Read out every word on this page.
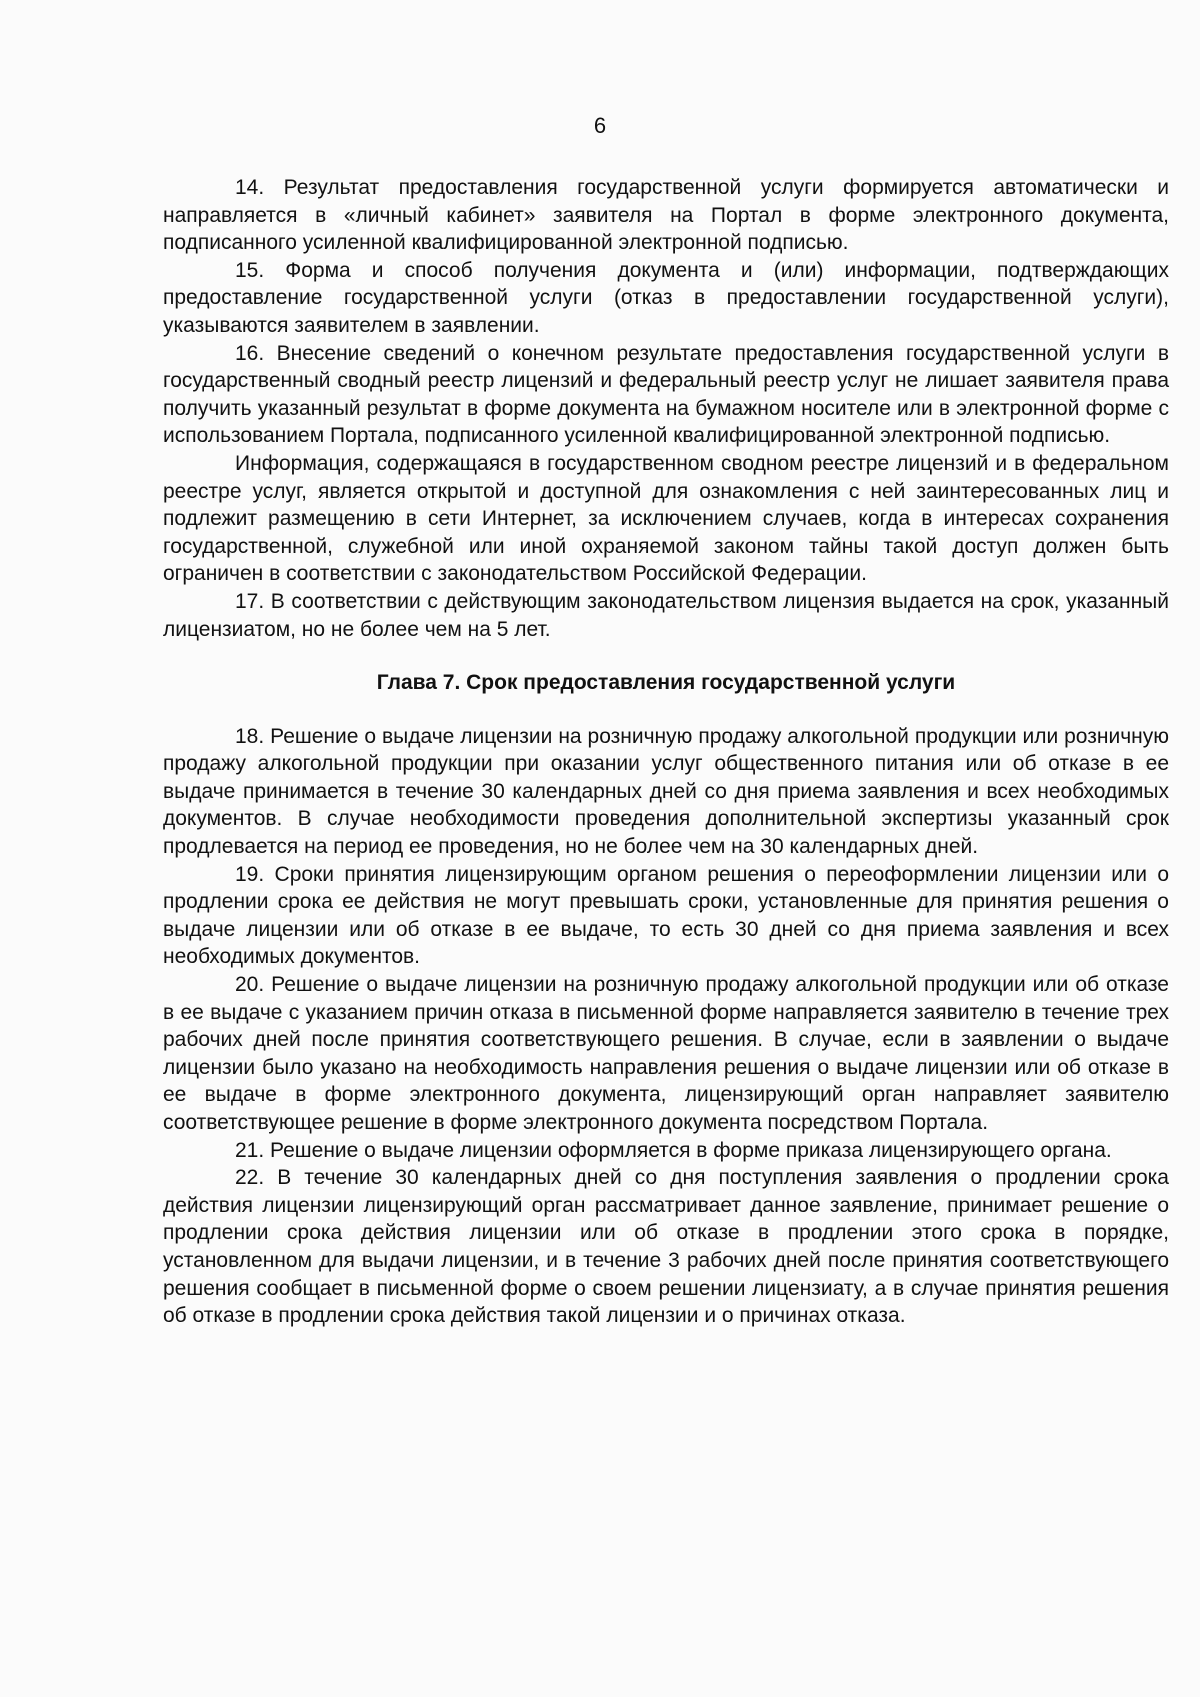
6

14. Результат предоставления государственной услуги формируется автоматически и направляется в «личный кабинет» заявителя на Портал в форме электронного документа, подписанного усиленной квалифицированной электронной подписью.

15. Форма и способ получения документа и (или) информации, подтверждающих предоставление государственной услуги (отказ в предоставлении государственной услуги), указываются заявителем в заявлении.

16. Внесение сведений о конечном результате предоставления государственной услуги в государственный сводный реестр лицензий и федеральный реестр услуг не лишает заявителя права получить указанный результат в форме документа на бумажном носителе или в электронной форме с использованием Портала, подписанного усиленной квалифицированной электронной подписью.

Информация, содержащаяся в государственном сводном реестре лицензий и в федеральном реестре услуг, является открытой и доступной для ознакомления с ней заинтересованных лиц и подлежит размещению в сети Интернет, за исключением случаев, когда в интересах сохранения государственной, служебной или иной охраняемой законом тайны такой доступ должен быть ограничен в соответствии с законодательством Российской Федерации.

17. В соответствии с действующим законодательством лицензия выдается на срок, указанный лицензиатом, но не более чем на 5 лет.

Глава 7. Срок предоставления государственной услуги

18. Решение о выдаче лицензии на розничную продажу алкогольной продукции или розничную продажу алкогольной продукции при оказании услуг общественного питания или об отказе в ее выдаче принимается в течение 30 календарных дней со дня приема заявления и всех необходимых документов. В случае необходимости проведения дополнительной экспертизы указанный срок продлевается на период ее проведения, но не более чем на 30 календарных дней.

19. Сроки принятия лицензирующим органом решения о переоформлении лицензии или о продлении срока ее действия не могут превышать сроки, установленные для принятия решения о выдаче лицензии или об отказе в ее выдаче, то есть 30 дней со дня приема заявления и всех необходимых документов.

20. Решение о выдаче лицензии на розничную продажу алкогольной продукции или об отказе в ее выдаче с указанием причин отказа в письменной форме направляется заявителю в течение трех рабочих дней после принятия соответствующего решения. В случае, если в заявлении о выдаче лицензии было указано на необходимость направления решения о выдаче лицензии или об отказе в ее выдаче в форме электронного документа, лицензирующий орган направляет заявителю соответствующее решение в форме электронного документа посредством Портала.

21. Решение о выдаче лицензии оформляется в форме приказа лицензирующего органа.

22. В течение 30 календарных дней со дня поступления заявления о продлении срока действия лицензии лицензирующий орган рассматривает данное заявление, принимает решение о продлении срока действия лицензии или об отказе в продлении этого срока в порядке, установленном для выдачи лицензии, и в течение 3 рабочих дней после принятия соответствующего решения сообщает в письменной форме о своем решении лицензиату, а в случае принятия решения об отказе в продлении срока действия такой лицензии и о причинах отказа.
